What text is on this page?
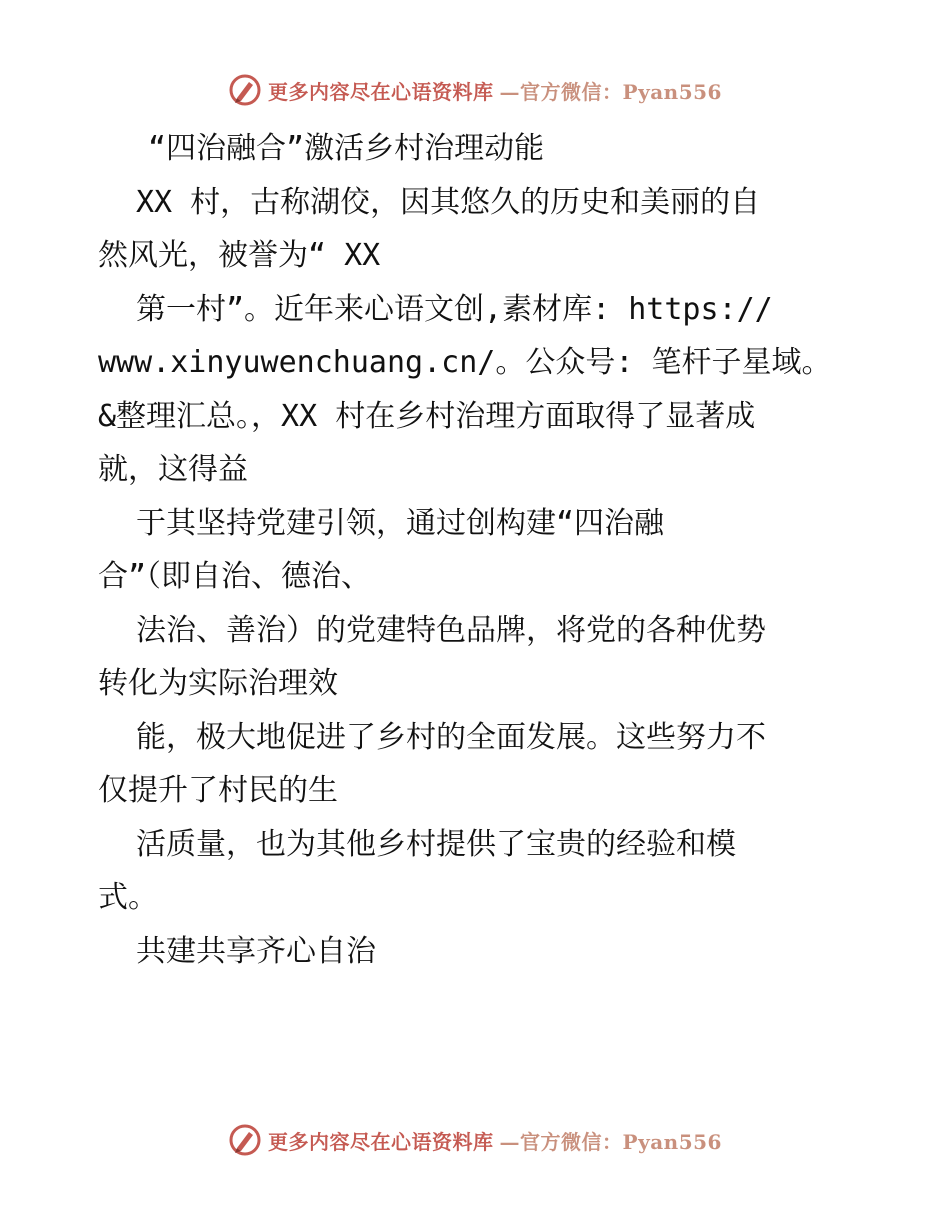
更多内容尽在心语资料库 —官方微信：Pyan556
“四治融合”激活乡村治理动能
XX 村，古称湖佼，因其悠久的历史和美丽的自
然风光，被誉为“ XX
第一村”。近年来心语文创,素材库: https://
www.xinyuwenchuang.cn/。公众号: 笔杆子星域。
&整理汇总。，XX 村在乡村治理方面取得了显著成
就，这得益
于其坚持党建引领，通过创构建“四治融
合”（即自治、德治、
法治、善治）的党建特色品牌，将党的各种优势
转化为实际治理效
能，极大地促进了乡村的全面发展。这些努力不
仅提升了村民的生
活质量，也为其他乡村提供了宝贵的经验和模
式。
共建共享齐心自治
更多内容尽在心语资料库 —官方微信：Pyan556
